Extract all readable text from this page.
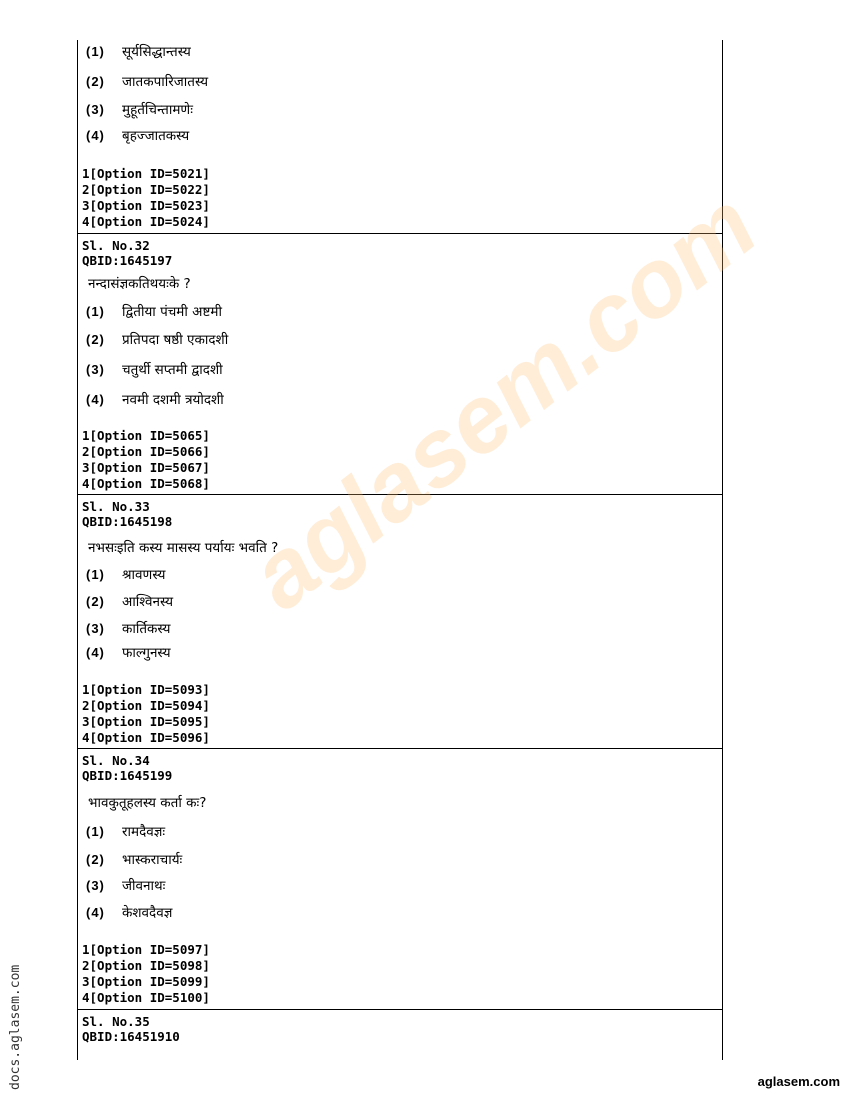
(1) सूर्यसिद्धान्तस्य
(2) जातकपारिजातस्य
(3) मुहूर्तचिन्तामणेः
(4) बृहज्जातकस्य
1[Option ID=5021]
2[Option ID=5022]
3[Option ID=5023]
4[Option ID=5024]
Sl. No.32
QBID:1645197
नन्दासंज्ञकतिथयःके ?
(1) द्वितीया पंचमी अष्टमी
(2) प्रतिपदा षष्ठी एकादशी
(3) चतुर्थी सप्तमी द्वादशी
(4) नवमी दशमी त्रयोदशी
1[Option ID=5065]
2[Option ID=5066]
3[Option ID=5067]
4[Option ID=5068]
Sl. No.33
QBID:1645198
नभसःइति कस्य मासस्य पर्यायः भवति ?
(1) श्रावणस्य
(2) आश्विनस्य
(3) कार्तिकस्य
(4) फाल्गुनस्य
1[Option ID=5093]
2[Option ID=5094]
3[Option ID=5095]
4[Option ID=5096]
Sl. No.34
QBID:1645199
भावकुतूहलस्य कर्ता कः?
(1) रामदैवज्ञः
(2) भास्कराचार्यः
(3) जीवनाथः
(4) केशवदैवज्ञ
1[Option ID=5097]
2[Option ID=5098]
3[Option ID=5099]
4[Option ID=5100]
Sl. No.35
QBID:16451910
aglasem.com
docs.aglasem.com	aglasem.com
